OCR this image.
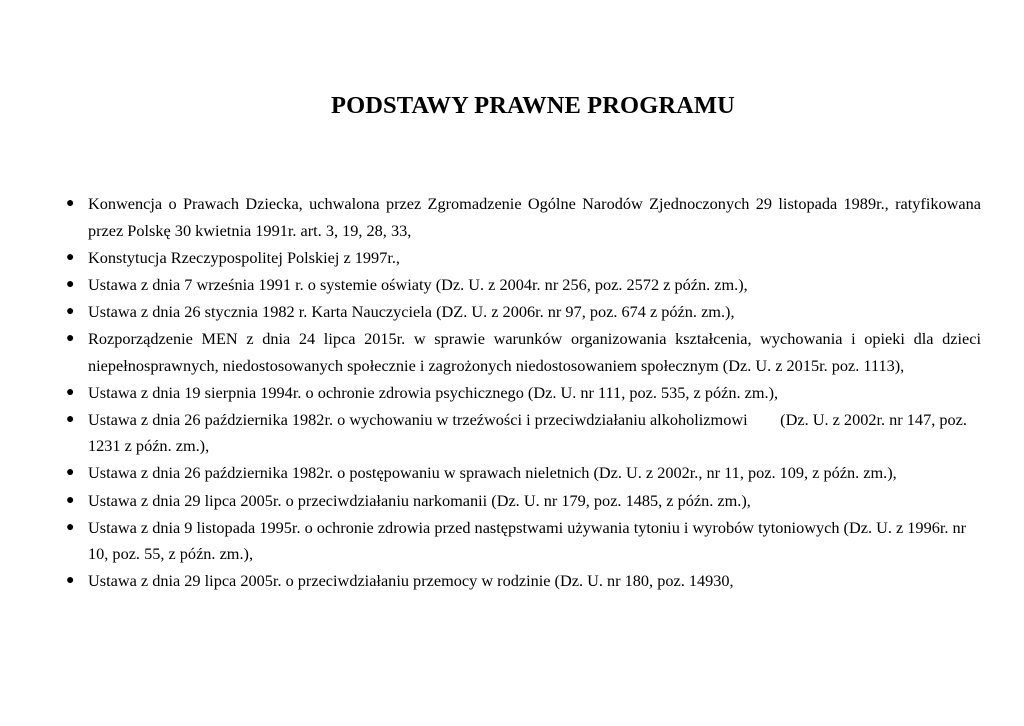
PODSTAWY PRAWNE PROGRAMU
● Konwencja o Prawach Dziecka, uchwalona przez Zgromadzenie Ogólne Narodów Zjednoczonych 29 listopada 1989r., ratyfikowana przez Polskę 30 kwietnia 1991r. art. 3, 19, 28, 33,
● Konstytucja Rzeczypospolitej Polskiej z 1997r.,
● Ustawa z dnia 7 września 1991 r. o systemie oświaty (Dz. U. z 2004r. nr 256, poz. 2572 z późn. zm.),
● Ustawa z dnia 26 stycznia 1982 r. Karta Nauczyciela (DZ. U. z 2006r. nr 97, poz. 674 z późn. zm.),
● Rozporządzenie MEN z dnia 24 lipca 2015r. w sprawie warunków organizowania kształcenia, wychowania i opieki dla dzieci niepełnosprawnych, niedostosowanych społecznie i zagrożonych niedostosowaniem społecznym (Dz. U. z 2015r. poz. 1113),
● Ustawa z dnia 19 sierpnia 1994r. o ochronie zdrowia psychicznego (Dz. U. nr 111, poz. 535, z późn. zm.),
● Ustawa z dnia 26 października 1982r. o wychowaniu w trzeźwości i przeciwdziałaniu alkoholizmowi        (Dz. U. z 2002r. nr 147, poz. 1231 z późn. zm.),
● Ustawa z dnia 26 października 1982r. o postępowaniu w sprawach nieletnich (Dz. U. z 2002r., nr 11, poz. 109, z późn. zm.),
● Ustawa z dnia 29 lipca 2005r. o przeciwdziałaniu narkomanii (Dz. U. nr 179, poz. 1485, z późn. zm.),
● Ustawa z dnia 9 listopada 1995r. o ochronie zdrowia przed następstwami używania tytoniu i wyrobów tytoniowych (Dz. U. z 1996r. nr 10, poz. 55, z późn. zm.),
● Ustawa z dnia 29 lipca 2005r. o przeciwdziałaniu przemocy w rodzinie (Dz. U. nr 180, poz. 14930,
